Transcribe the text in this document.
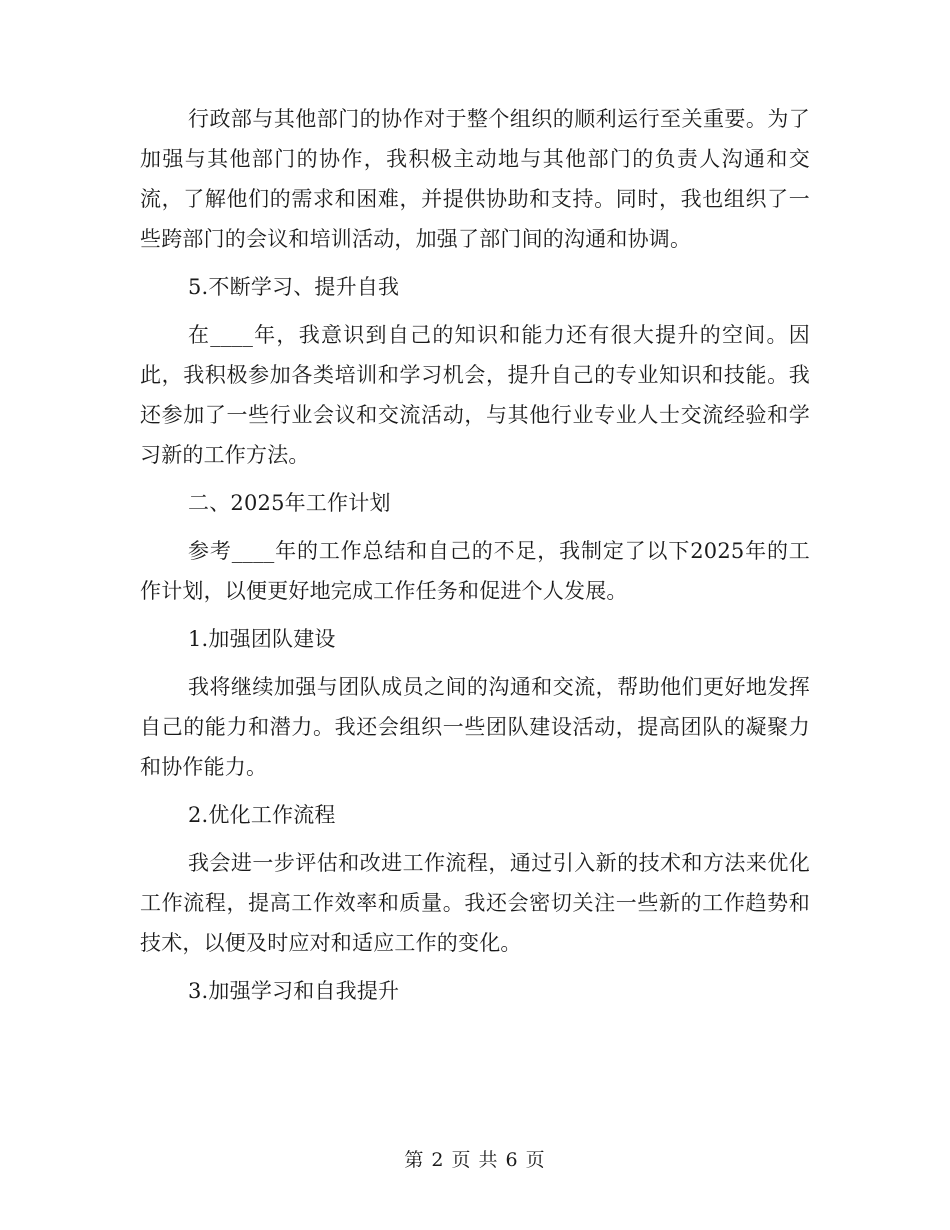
行政部与其他部门的协作对于整个组织的顺利运行至关重要。为了加强与其他部门的协作，我积极主动地与其他部门的负责人沟通和交流，了解他们的需求和困难，并提供协助和支持。同时，我也组织了一些跨部门的会议和培训活动，加强了部门间的沟通和协调。

5.不断学习、提升自我

在____年，我意识到自己的知识和能力还有很大提升的空间。因此，我积极参加各类培训和学习机会，提升自己的专业知识和技能。我还参加了一些行业会议和交流活动，与其他行业专业人士交流经验和学习新的工作方法。

二、2025年工作计划

参考____年的工作总结和自己的不足，我制定了以下2025年的工作计划，以便更好地完成工作任务和促进个人发展。

1.加强团队建设

我将继续加强与团队成员之间的沟通和交流，帮助他们更好地发挥自己的能力和潜力。我还会组织一些团队建设活动，提高团队的凝聚力和协作能力。

2.优化工作流程

我会进一步评估和改进工作流程，通过引入新的技术和方法来优化工作流程，提高工作效率和质量。我还会密切关注一些新的工作趋势和技术，以便及时应对和适应工作的变化。

3.加强学习和自我提升

第 2 页 共 6 页
